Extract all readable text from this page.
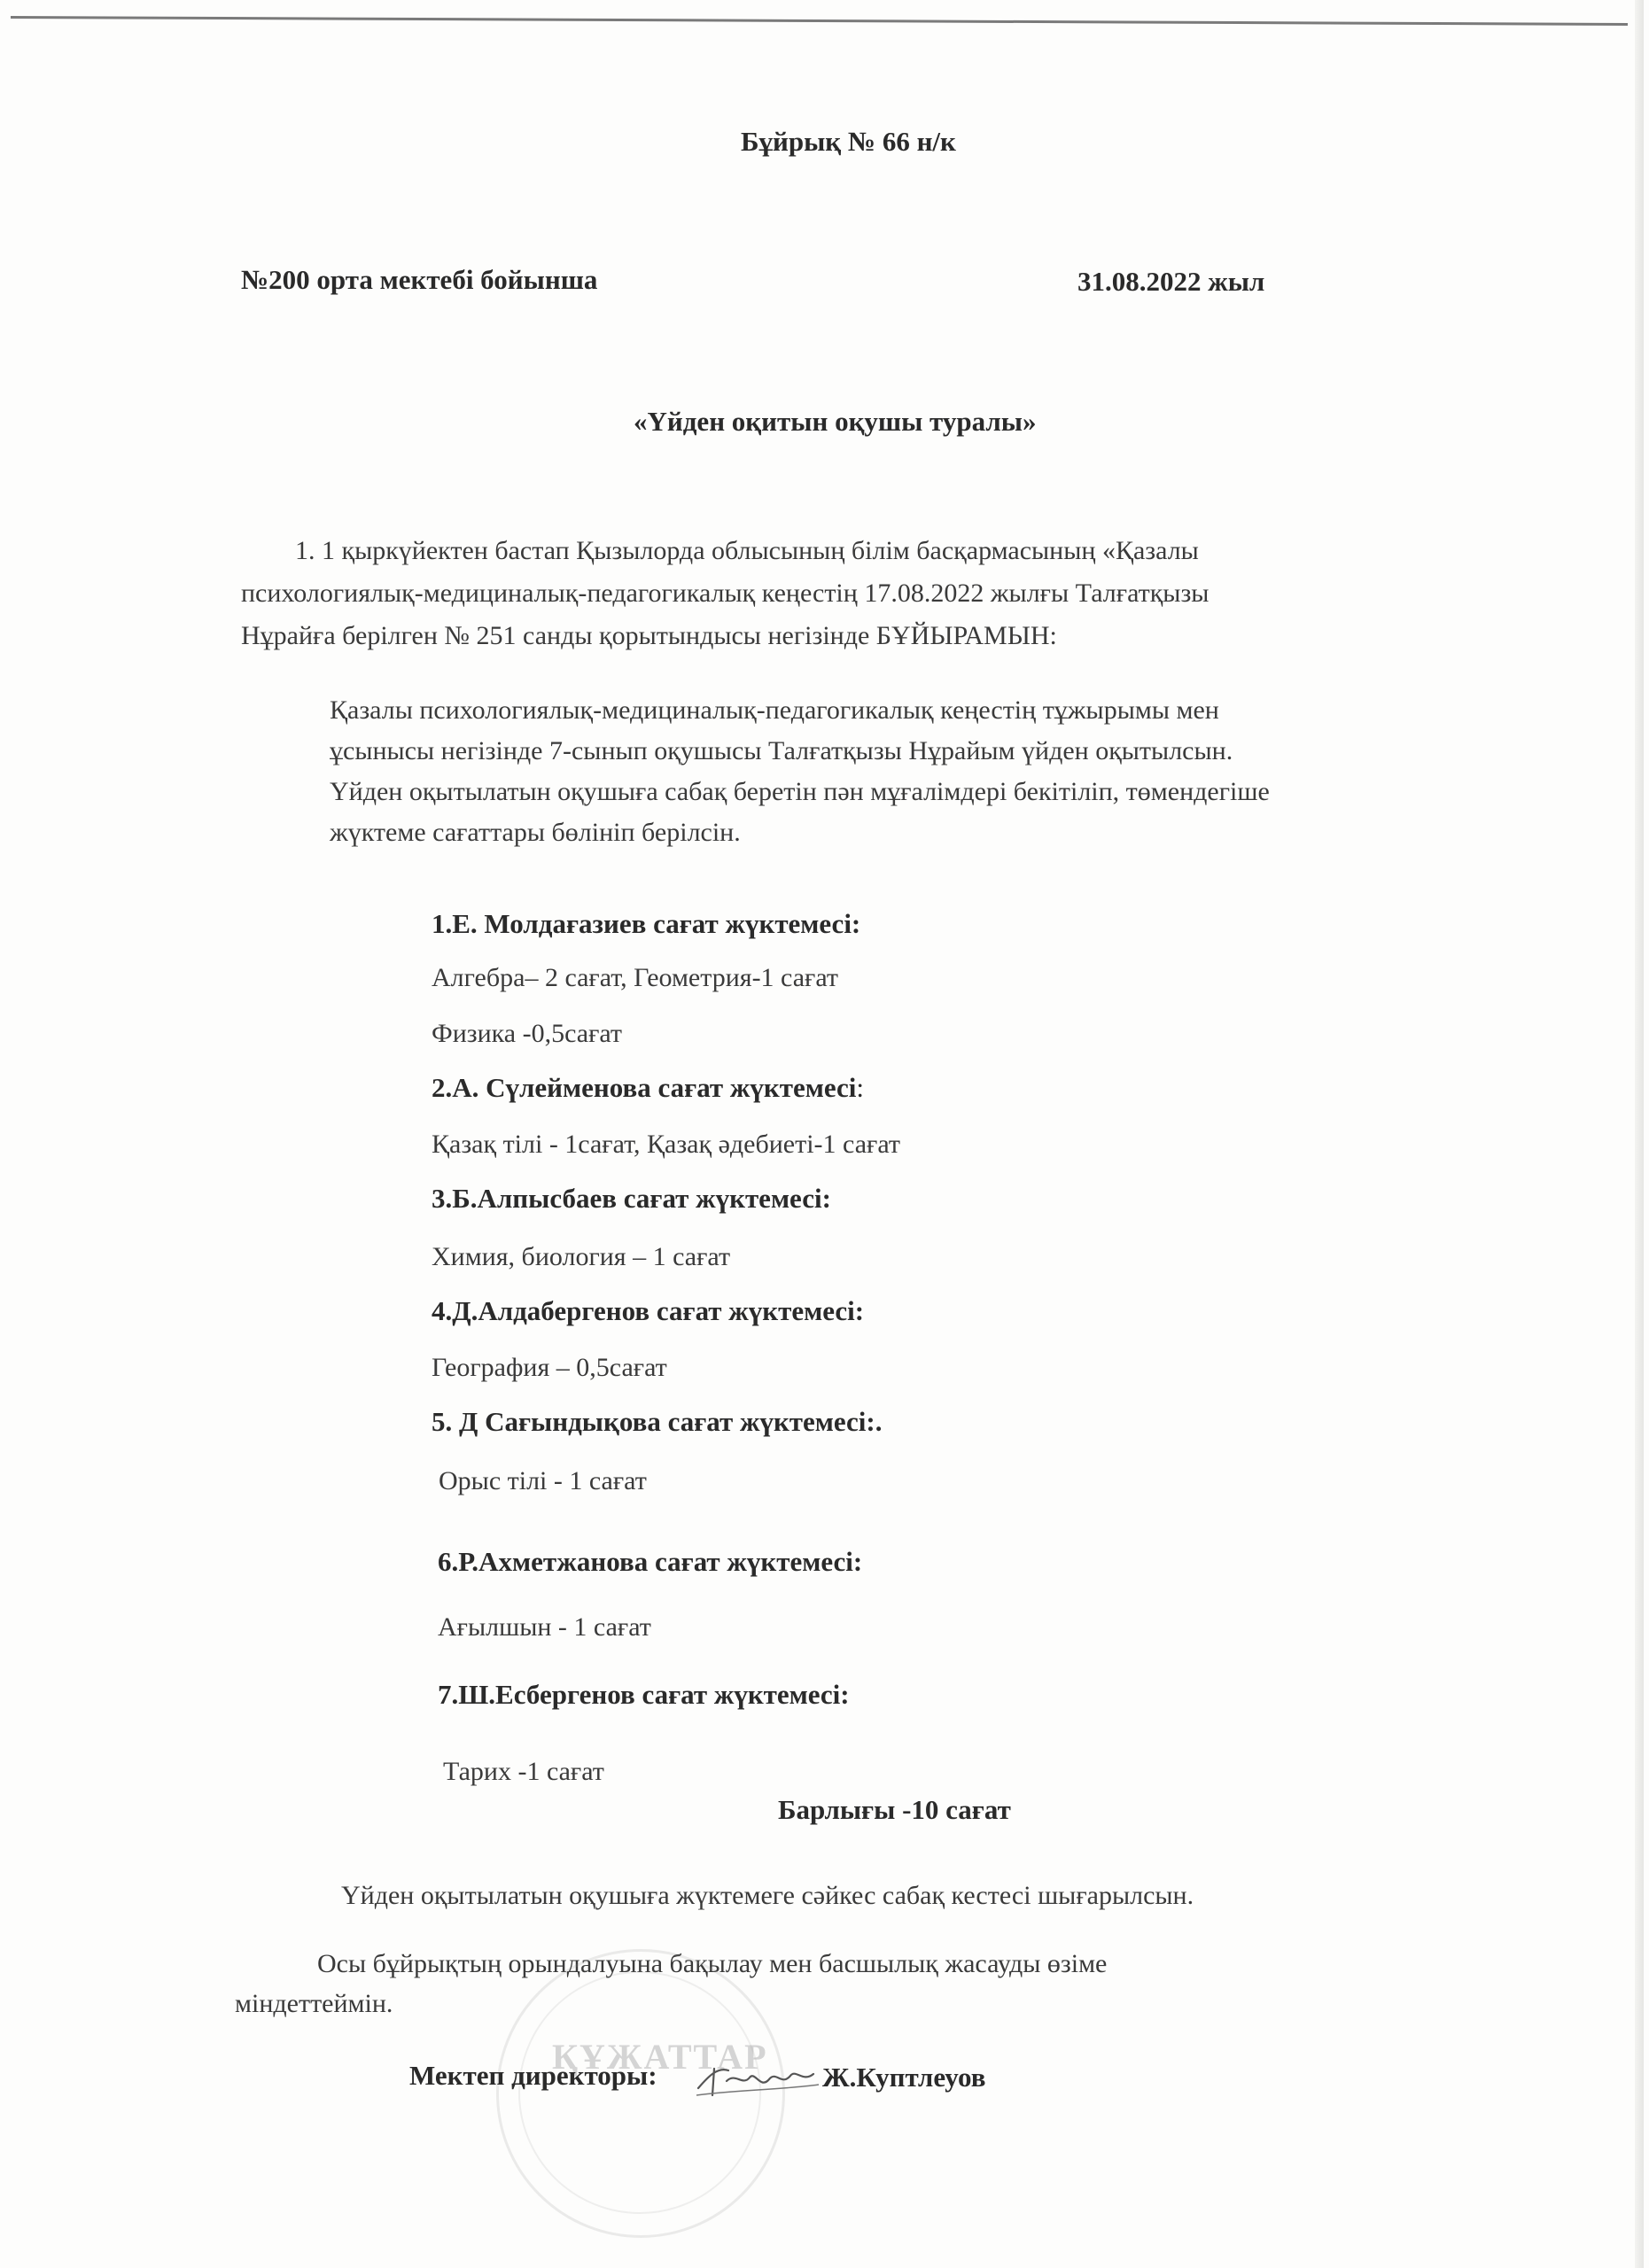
Бұйрық № 66 н/к
№200 орта мектебі бойынша	31.08.2022 жыл
«Үйден оқитын оқушы туралы»
1. 1 қыркүйектен бастап Қызылорда облысының білім басқармасының «Қазалы
психологиялық-медициналық-педагогикалық кеңестің 17.08.2022 жылғы Талғатқызы
Нұрайға берілген № 251 санды қорытындысы негізінде БҰЙЫРАМЫН:
Қазалы психологиялық-медициналық-педагогикалық кеңестің тұжырымы мен
ұсынысы негізінде 7-сынып оқушысы Талғатқызы Нұрайым үйден оқытылсын.
Үйден оқытылатын оқушыға сабақ беретін пән мұғалімдері бекітіліп, төмендегіше
жүктеме сағаттары бөлініп берілсін.
1.Е. Молдағазиев сағат жүктемесі:
Алгебра– 2 сағат, Геометрия-1 сағат
Физика -0,5сағат
2.А. Сүлейменова сағат жүктемесі:
Қазақ тілі - 1сағат, Қазақ әдебиеті-1 сағат
3.Б.Алпысбаев сағат жүктемесі:
Химия, биология – 1 сағат
4.Д.Алдабергенов сағат жүктемесі:
География – 0,5сағат
5. Д Сағындықова сағат жүктемесі:.
Орыс тілі - 1 сағат
6.Р.Ахметжанова сағат жүктемесі:
Ағылшын - 1 сағат
7.Ш.Есбергенов сағат жүктемесі:
Тарих -1 сағат
Барлығы -10 сағат
Үйден оқытылатын оқушыға жүктемеге сәйкес сабақ кестесі шығарылсын.
Осы бұйрықтың орындалуына бақылау мен басшылық жасауды өзіме
міндеттеймін.
ҚҰЖАТТАР
Мектеп директоры:	Ж.Куптлеуов
